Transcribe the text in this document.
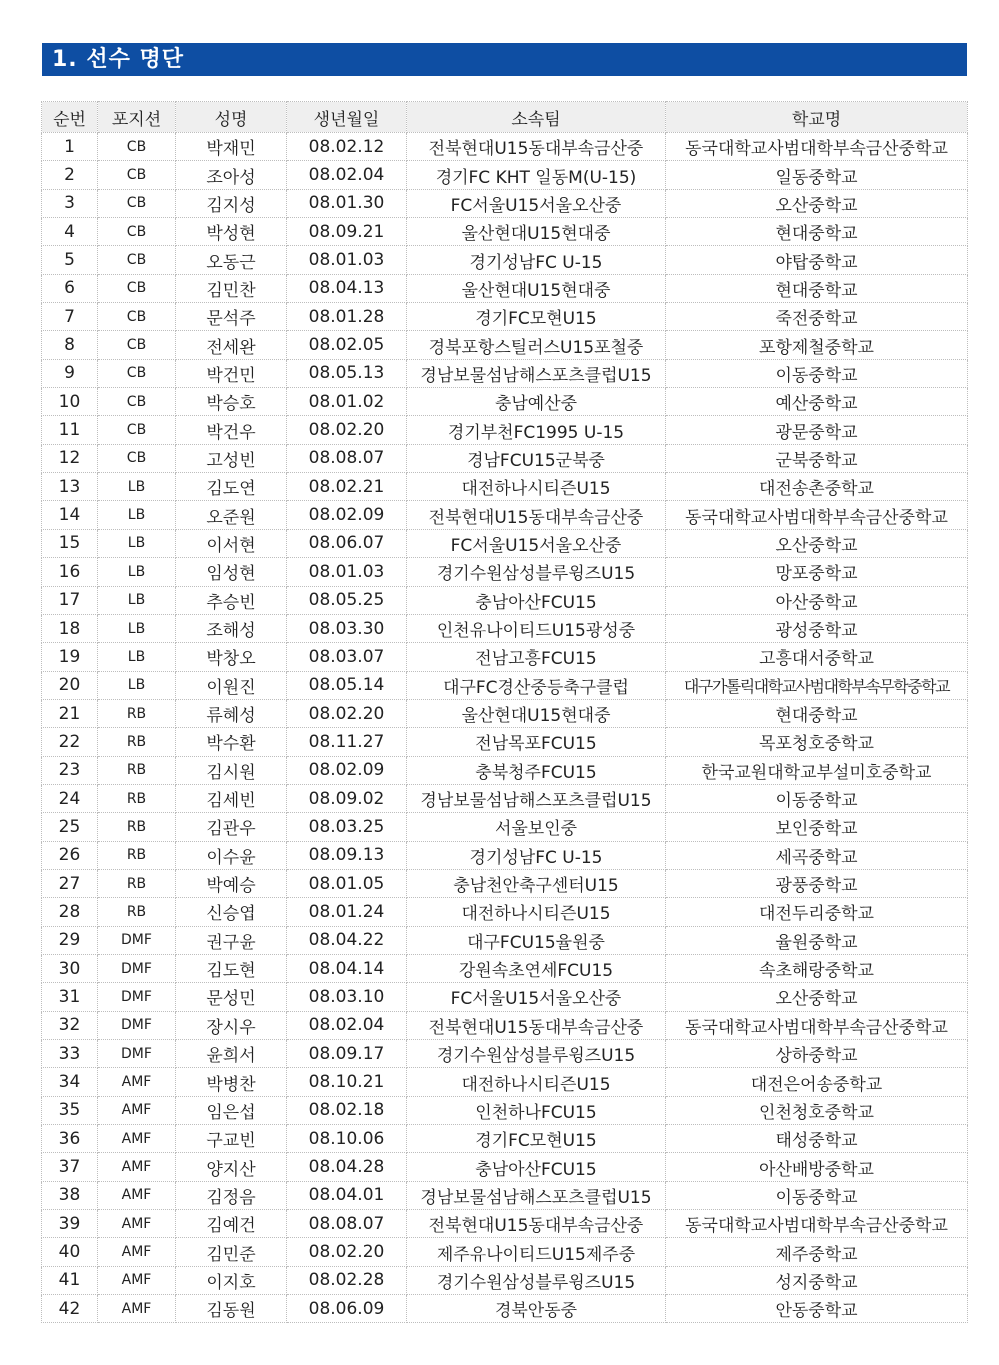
1. 선수 명단
순번	포지션	성명	생년월일	소속팀	학교명
1	CB	박재민	08.02.12	전북현대U15동대부속금산중	동국대학교사범대학부속금산중학교
2	CB	조아성	08.02.04	경기FC KHT 일동M(U-15)	일동중학교
3	CB	김지성	08.01.30	FC서울U15서울오산중	오산중학교
4	CB	박성현	08.09.21	울산현대U15현대중	현대중학교
5	CB	오동근	08.01.03	경기성남FC U-15	야탑중학교
6	CB	김민찬	08.04.13	울산현대U15현대중	현대중학교
7	CB	문석주	08.01.28	경기FC모현U15	죽전중학교
8	CB	전세완	08.02.05	경북포항스틸러스U15포철중	포항제철중학교
9	CB	박건민	08.05.13	경남보물섬남해스포츠클럽U15	이동중학교
10	CB	박승호	08.01.02	충남예산중	예산중학교
11	CB	박건우	08.02.20	경기부천FC1995 U-15	광문중학교
12	CB	고성빈	08.08.07	경남FCU15군북중	군북중학교
13	LB	김도연	08.02.21	대전하나시티즌U15	대전송촌중학교
14	LB	오준원	08.02.09	전북현대U15동대부속금산중	동국대학교사범대학부속금산중학교
15	LB	이서현	08.06.07	FC서울U15서울오산중	오산중학교
16	LB	임성현	08.01.03	경기수원삼성블루윙즈U15	망포중학교
17	LB	추승빈	08.05.25	충남아산FCU15	아산중학교
18	LB	조해성	08.03.30	인천유나이티드U15광성중	광성중학교
19	LB	박창오	08.03.07	전남고흥FCU15	고흥대서중학교
20	LB	이원진	08.05.14	대구FC경산중등축구클럽	대구가톨릭대학교사범대학부속무학중학교
21	RB	류혜성	08.02.20	울산현대U15현대중	현대중학교
22	RB	박수환	08.11.27	전남목포FCU15	목포청호중학교
23	RB	김시원	08.02.09	충북청주FCU15	한국교원대학교부설미호중학교
24	RB	김세빈	08.09.02	경남보물섬남해스포츠클럽U15	이동중학교
25	RB	김관우	08.03.25	서울보인중	보인중학교
26	RB	이수윤	08.09.13	경기성남FC U-15	세곡중학교
27	RB	박예승	08.01.05	충남천안축구센터U15	광풍중학교
28	RB	신승엽	08.01.24	대전하나시티즌U15	대전두리중학교
29	DMF	권구윤	08.04.22	대구FCU15율원중	율원중학교
30	DMF	김도현	08.04.14	강원속초연세FCU15	속초해랑중학교
31	DMF	문성민	08.03.10	FC서울U15서울오산중	오산중학교
32	DMF	장시우	08.02.04	전북현대U15동대부속금산중	동국대학교사범대학부속금산중학교
33	DMF	윤희서	08.09.17	경기수원삼성블루윙즈U15	상하중학교
34	AMF	박병찬	08.10.21	대전하나시티즌U15	대전은어송중학교
35	AMF	임은섭	08.02.18	인천하나FCU15	인천청호중학교
36	AMF	구교빈	08.10.06	경기FC모현U15	태성중학교
37	AMF	양지산	08.04.28	충남아산FCU15	아산배방중학교
38	AMF	김정음	08.04.01	경남보물섬남해스포츠클럽U15	이동중학교
39	AMF	김예건	08.08.07	전북현대U15동대부속금산중	동국대학교사범대학부속금산중학교
40	AMF	김민준	08.02.20	제주유나이티드U15제주중	제주중학교
41	AMF	이지호	08.02.28	경기수원삼성블루윙즈U15	성지중학교
42	AMF	김동원	08.06.09	경북안동중	안동중학교
